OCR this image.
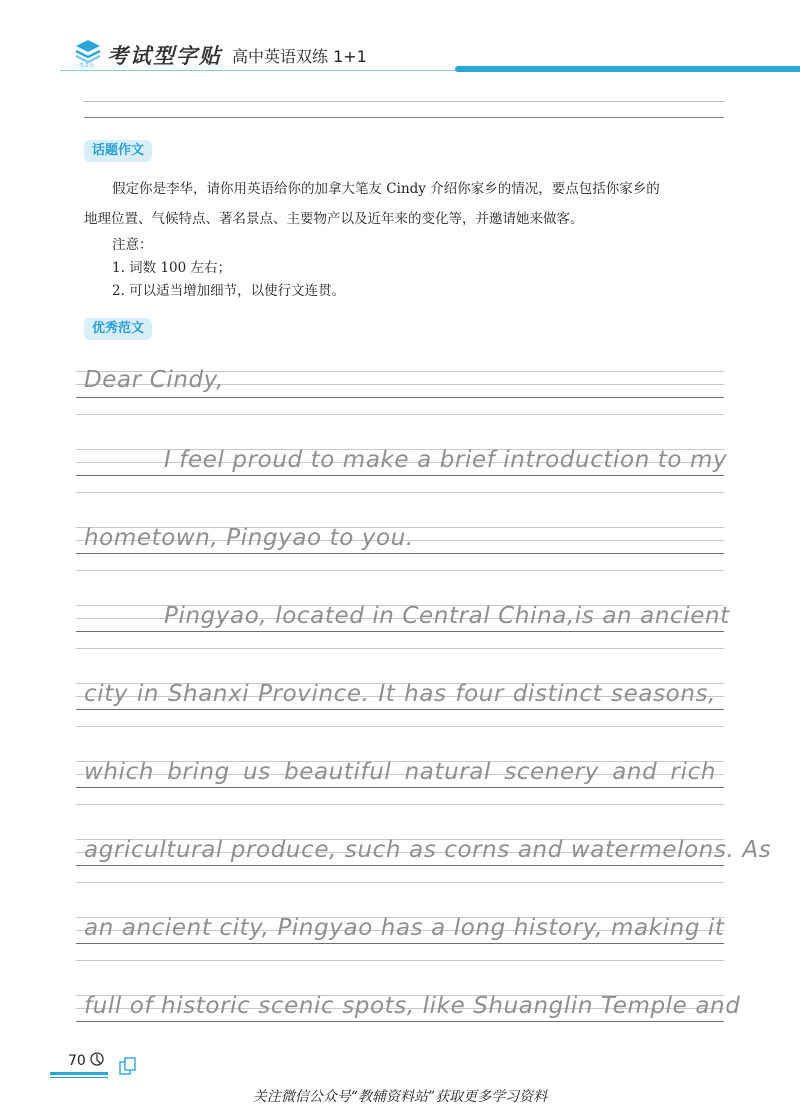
一卷2分 考试型字贴 高中英语双练 1+1
话题作文
假定你是李华，请你用英语给你的加拿大笔友 Cindy 介绍你家乡的情况，要点包括你家乡的
地理位置、气候特点、著名景点、主要物产以及近年来的变化等，并邀请她来做客。
注意：
1. 词数 100 左右；
2. 可以适当增加细节，以使行文连贯。
优秀范文
Dear Cindy,
I feel proud to make a brief introduction to my
hometown, Pingyao to you.
Pingyao, located in Central China,is an ancient
city in Shanxi Province. It has four distinct seasons,
which bring us beautiful natural scenery and rich
agricultural produce, such as corns and watermelons. As
an ancient city, Pingyao has a long history, making it
full of historic scenic spots, like Shuanglin Temple and
70
关注微信公众号“教辅资料站”获取更多学习资料
